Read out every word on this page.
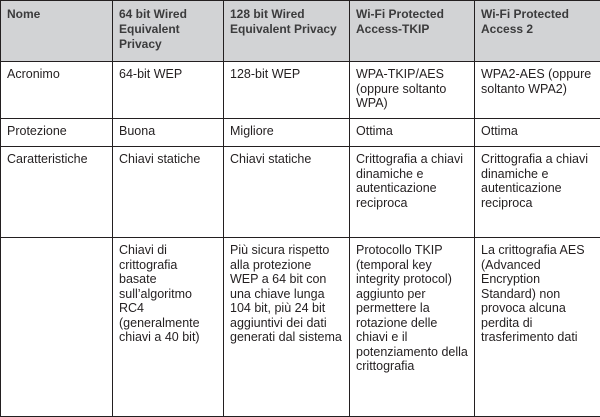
Nome	64 bit Wired Equivalent Privacy	128 bit Wired Equivalent Privacy	Wi-Fi Protected Access-TKIP	Wi-Fi Protected Access 2
Acronimo	64-bit WEP	128-bit WEP	WPA-TKIP/AES (oppure soltanto WPA)	WPA2-AES (oppure soltanto WPA2)
Protezione	Buona	Migliore	Ottima	Ottima
Caratteristiche	Chiavi statiche	Chiavi statiche	Crittografia a chiavi dinamiche e autenticazione reciproca	Crittografia a chiavi dinamiche e autenticazione reciproca
	Chiavi di crittografia basate sull’algoritmo RC4 (generalmente chiavi a 40 bit)	Più sicura rispetto alla protezione WEP a 64 bit con una chiave lunga 104 bit, più 24 bit aggiuntivi dei dati generati dal sistema	Protocollo TKIP (temporal key integrity protocol) aggiunto per permettere la rotazione delle chiavi e il potenziamento della crittografia	La crittografia AES (Advanced Encryption Standard) non provoca alcuna perdita di trasferimento dati
